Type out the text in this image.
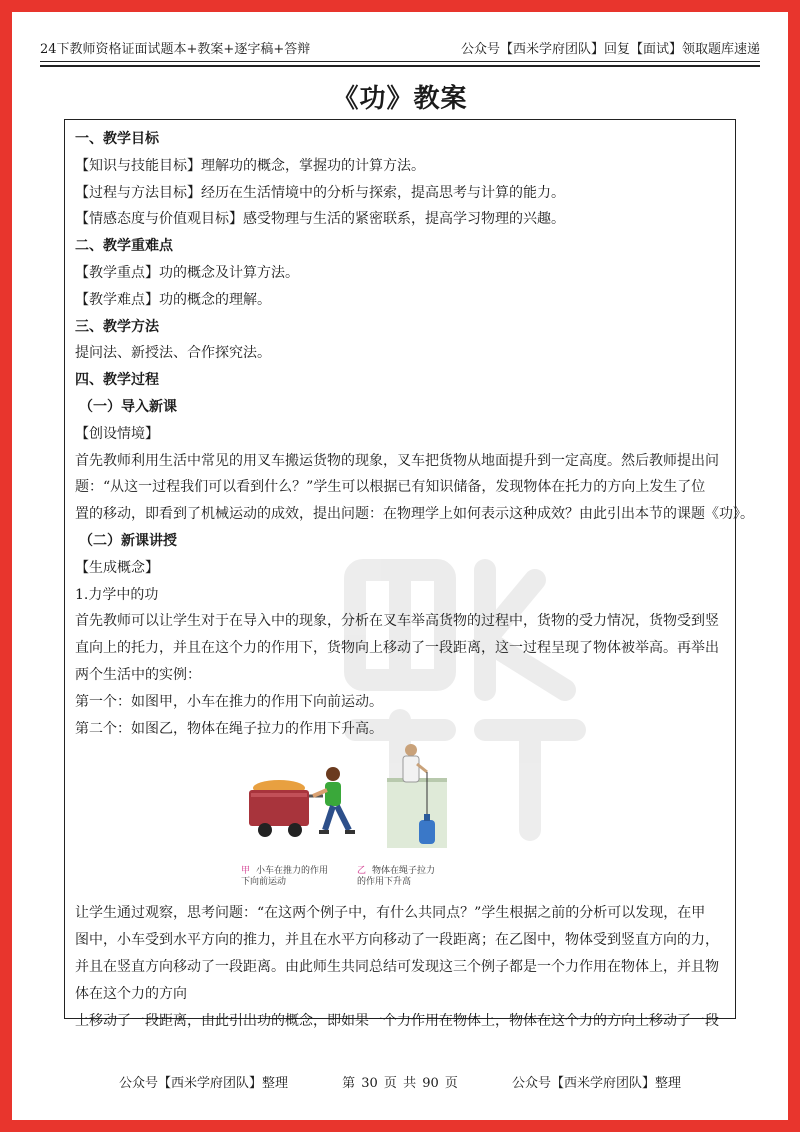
24下教师资格证面试题本+教案+逐字稿+答辩	公众号【西米学府团队】回复【面试】领取题库速递
《功》教案
一、教学目标
【知识与技能目标】理解功的概念，掌握功的计算方法。
【过程与方法目标】经历在生活情境中的分析与探索，提高思考与计算的能力。
【情感态度与价值观目标】感受物理与生活的紧密联系，提高学习物理的兴趣。
二、教学重难点
【教学重点】功的概念及计算方法。
【教学难点】功的概念的理解。
三、教学方法
提问法、新授法、合作探究法。
四、教学过程
（一）导入新课
【创设情境】
首先教师利用生活中常见的用叉车搬运货物的现象，叉车把货物从地面提升到一定高度。然后教师提出问
题：“从这一过程我们可以看到什么？”学生可以根据已有知识储备，发现物体在托力的方向上发生了位
置的移动，即看到了机械运动的成效，提出问题：在物理学上如何表示这种成效？由此引出本节的课题《功》。
（二）新课讲授
【生成概念】
1.力学中的功
首先教师可以让学生对于在导入中的现象，分析在叉车举高货物的过程中，货物的受力情况，货物受到竖
直向上的托力，并且在这个力的作用下，货物向上移动了一段距离，这一过程呈现了物体被举高。再举出
两个生活中的实例：
第一个：如图甲，小车在推力的作用下向前运动。
第二个：如图乙，物体在绳子拉力的作用下升高。
甲 小车在推力的作用
下向前运动
乙 物体在绳子拉力
的作用下升高
让学生通过观察，思考问题：“在这两个例子中，有什么共同点？”学生根据之前的分析可以发现，在甲
图中，小车受到水平方向的推力，并且在水平方向移动了一段距离；在乙图中，物体受到竖直方向的力，
并且在竖直方向移动了一段距离。由此师生共同总结可发现这三个例子都是一个力作用在物体上，并且物
体在这个力的方向
上移动了一段距离，由此引出功的概念，即如果一个力作用在物体上，物体在这个力的方向上移动了一段
公众号【西米学府团队】整理	第 30 页 共 90 页	公众号【西米学府团队】整理
